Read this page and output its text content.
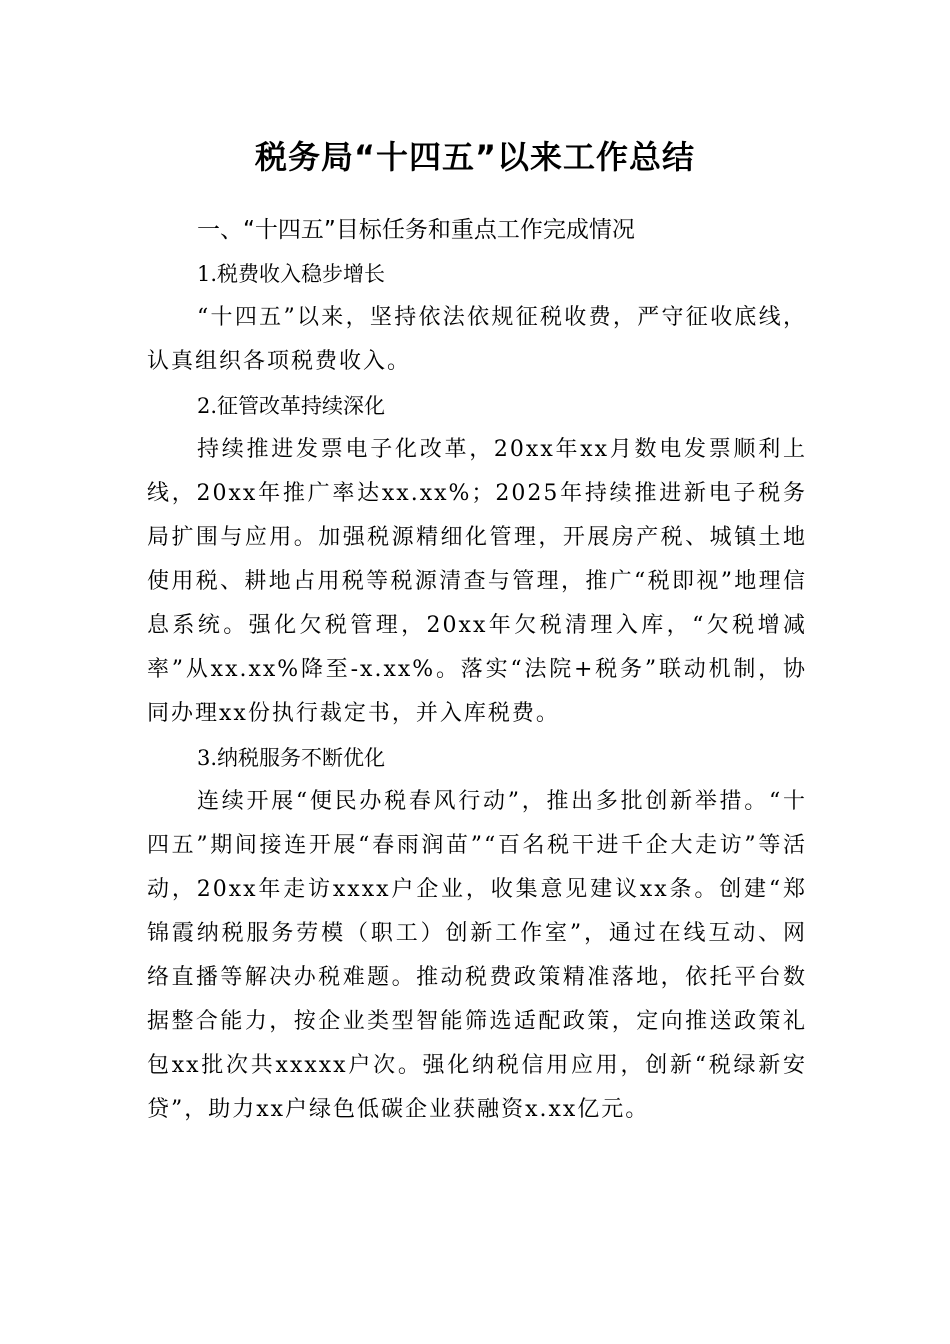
税务局“十四五”以来工作总结

一、“十四五”目标任务和重点工作完成情况

1.税费收入稳步增长

“十四五”以来，坚持依法依规征税收费，严守征收底线，认真组织各项税费收入。

2.征管改革持续深化

持续推进发票电子化改革，20xx年xx月数电发票顺利上线，20xx年推广率达xx.xx%；2025年持续推进新电子税务局扩围与应用。加强税源精细化管理，开展房产税、城镇土地使用税、耕地占用税等税源清查与管理，推广“税即视”地理信息系统。强化欠税管理，20xx年欠税清理入库，“欠税增减率”从xx.xx%降至-x.xx%。落实“法院+税务”联动机制，协同办理xx份执行裁定书，并入库税费。

3.纳税服务不断优化

连续开展“便民办税春风行动”，推出多批创新举措。“十四五”期间接连开展“春雨润苗”“百名税干进千企大走访”等活动，20xx年走访xxxx户企业，收集意见建议xx条。创建“郑锦霞纳税服务劳模（职工）创新工作室”，通过在线互动、网络直播等解决办税难题。推动税费政策精准落地，依托平台数据整合能力，按企业类型智能筛选适配政策，定向推送政策礼包xx批次共xxxxx户次。强化纳税信用应用，创新“税绿新安贷”，助力xx户绿色低碳企业获融资x.xx亿元。
